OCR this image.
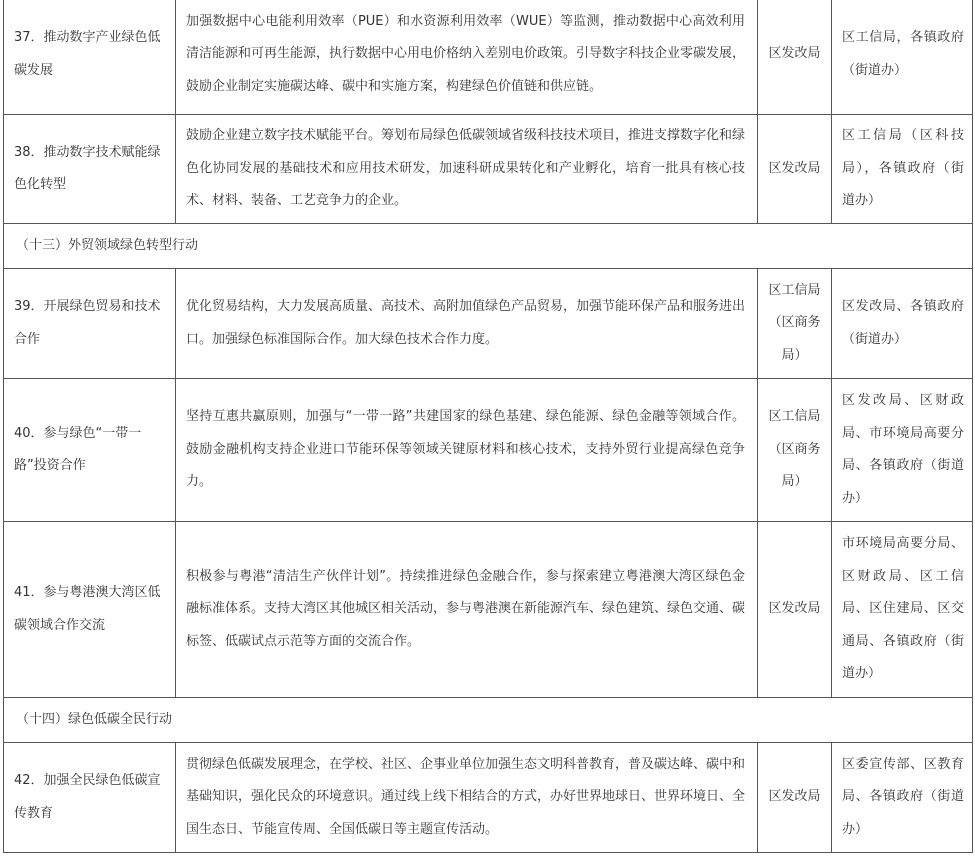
37．推动数字产业绿色低碳发展	加强数据中心电能利用效率（PUE）和水资源利用效率（WUE）等监测，推动数据中心高效利用清洁能源和可再生能源，执行数据中心用电价格纳入差别电价政策。引导数字科技企业零碳发展，鼓励企业制定实施碳达峰、碳中和实施方案，构建绿色价值链和供应链。	区发改局	区工信局，各镇政府（街道办）
38．推动数字技术赋能绿色化转型	鼓励企业建立数字技术赋能平台。筹划布局绿色低碳领域省级科技技术项目，推进支撑数字化和绿色化协同发展的基础技术和应用技术研发，加速科研成果转化和产业孵化，培育一批具有核心技术、材料、装备、工艺竞争力的企业。	区发改局	区工信局（区科技局），各镇政府（街道办）
（十三）外贸领域绿色转型行动			
39．开展绿色贸易和技术合作	优化贸易结构，大力发展高质量、高技术、高附加值绿色产品贸易，加强节能环保产品和服务进出口。加强绿色标准国际合作。加大绿色技术合作力度。	区工信局（区商务局）	区发改局、各镇政府（街道办）
40．参与绿色“一带一路”投资合作	坚持互惠共赢原则，加强与“一带一路”共建国家的绿色基建、绿色能源、绿色金融等领域合作。鼓励金融机构支持企业进口节能环保等领域关键原材料和核心技术，支持外贸行业提高绿色竞争力。	区工信局（区商务局）	区发改局、区财政局、市环境局高要分局、各镇政府（街道办）
41．参与粤港澳大湾区低碳领域合作交流	积极参与粤港“清洁生产伙伴计划”。持续推进绿色金融合作，参与探索建立粤港澳大湾区绿色金融标准体系。支持大湾区其他城区相关活动，参与粤港澳在新能源汽车、绿色建筑、绿色交通、碳标签、低碳试点示范等方面的交流合作。	区发改局	市环境局高要分局、区财政局、区工信局、区住建局、区交通局、各镇政府（街道办）
（十四）绿色低碳全民行动			
42．加强全民绿色低碳宣传教育	贯彻绿色低碳发展理念，在学校、社区、企事业单位加强生态文明科普教育，普及碳达峰、碳中和基础知识，强化民众的环境意识。通过线上线下相结合的方式，办好世界地球日、世界环境日、全国生态日、节能宣传周、全国低碳日等主题宣传活动。	区发改局	区委宣传部、区教育局、各镇政府（街道办）
